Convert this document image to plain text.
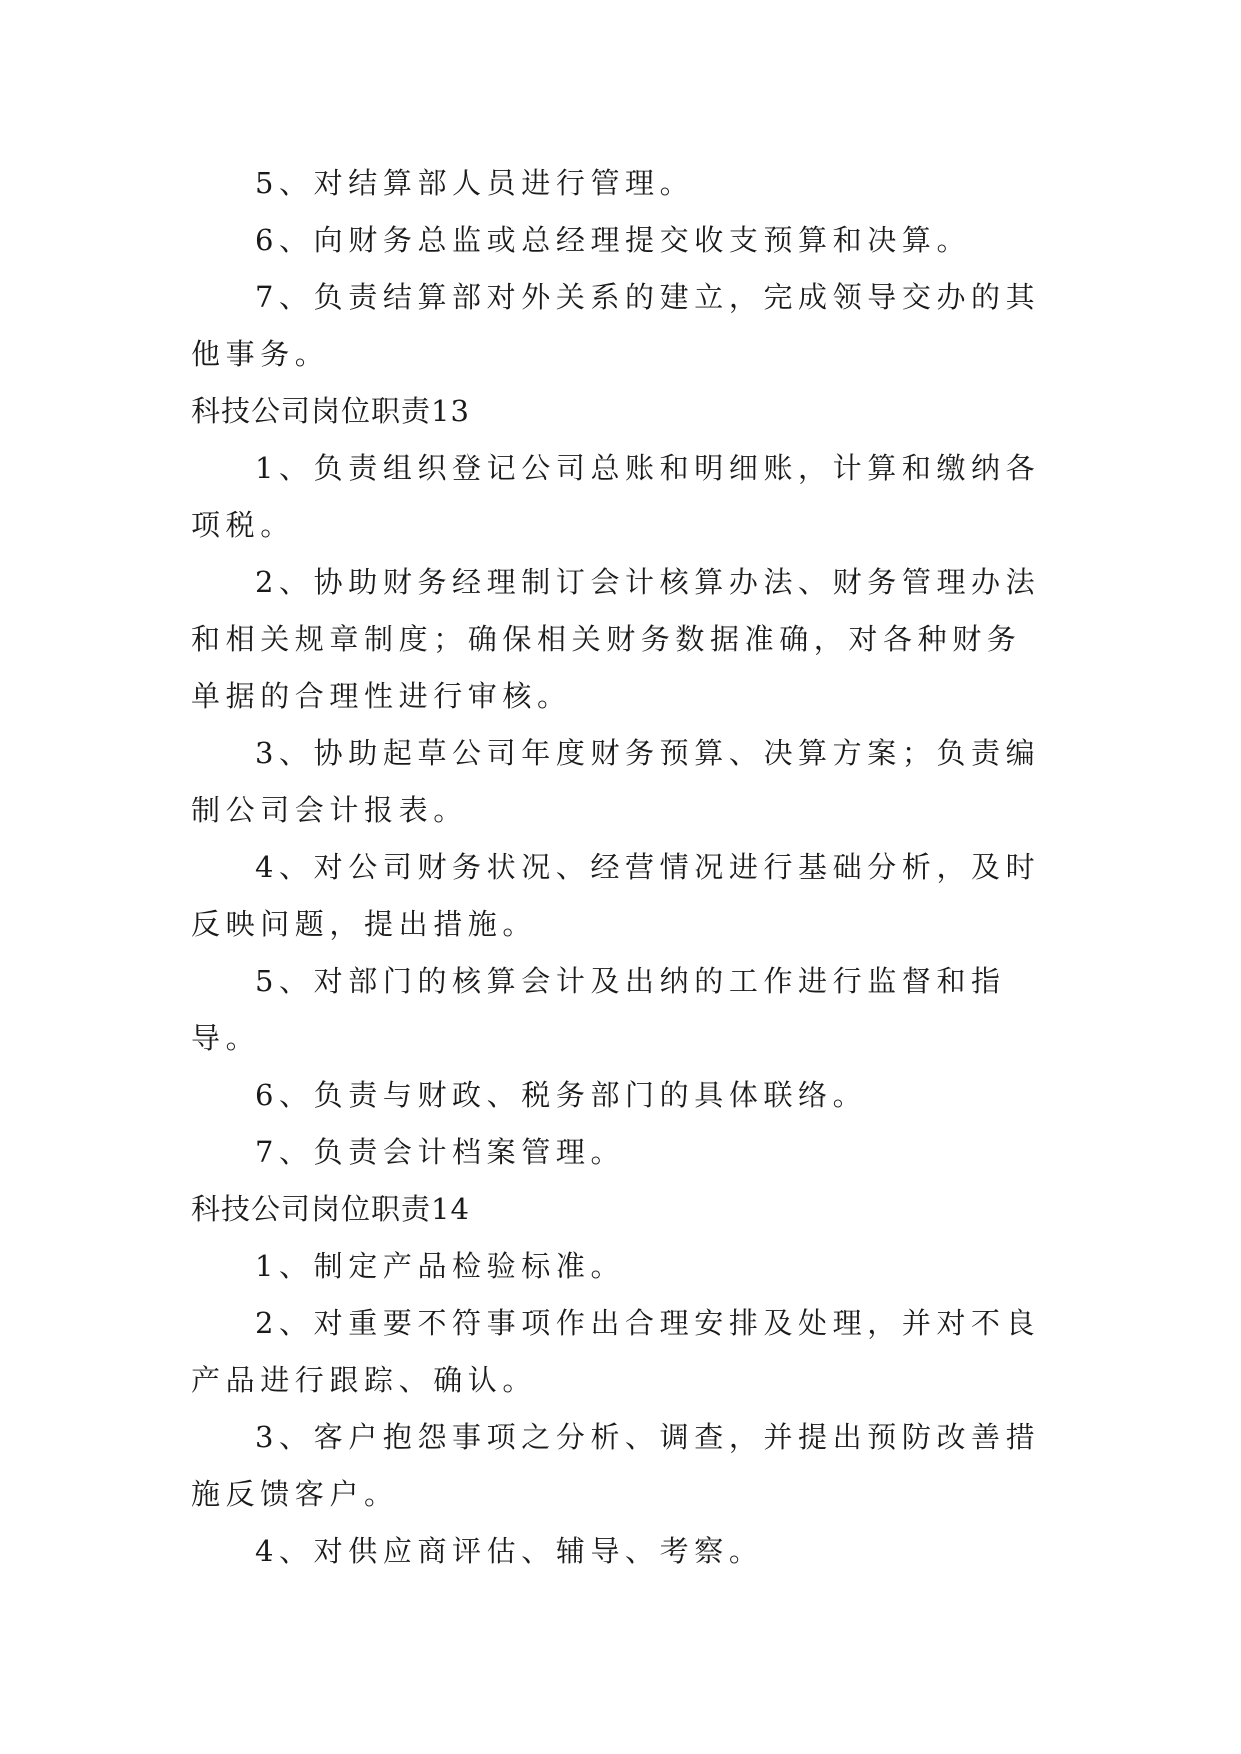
5、对结算部人员进行管理。

6、向财务总监或总经理提交收支预算和决算。

7、负责结算部对外关系的建立，完成领导交办的其他事务。

科技公司岗位职责13

1、负责组织登记公司总账和明细账，计算和缴纳各项税。

2、协助财务经理制订会计核算办法、财务管理办法和相关规章制度；确保相关财务数据准确，对各种财务单据的合理性进行审核。

3、协助起草公司年度财务预算、决算方案；负责编制公司会计报表。

4、对公司财务状况、经营情况进行基础分析，及时反映问题，提出措施。

5、对部门的核算会计及出纳的工作进行监督和指导。

6、负责与财政、税务部门的具体联络。

7、负责会计档案管理。

科技公司岗位职责14

1、制定产品检验标准。

2、对重要不符事项作出合理安排及处理，并对不良产品进行跟踪、确认。

3、客户抱怨事项之分析、调查，并提出预防改善措施反馈客户。

4、对供应商评估、辅导、考察。
